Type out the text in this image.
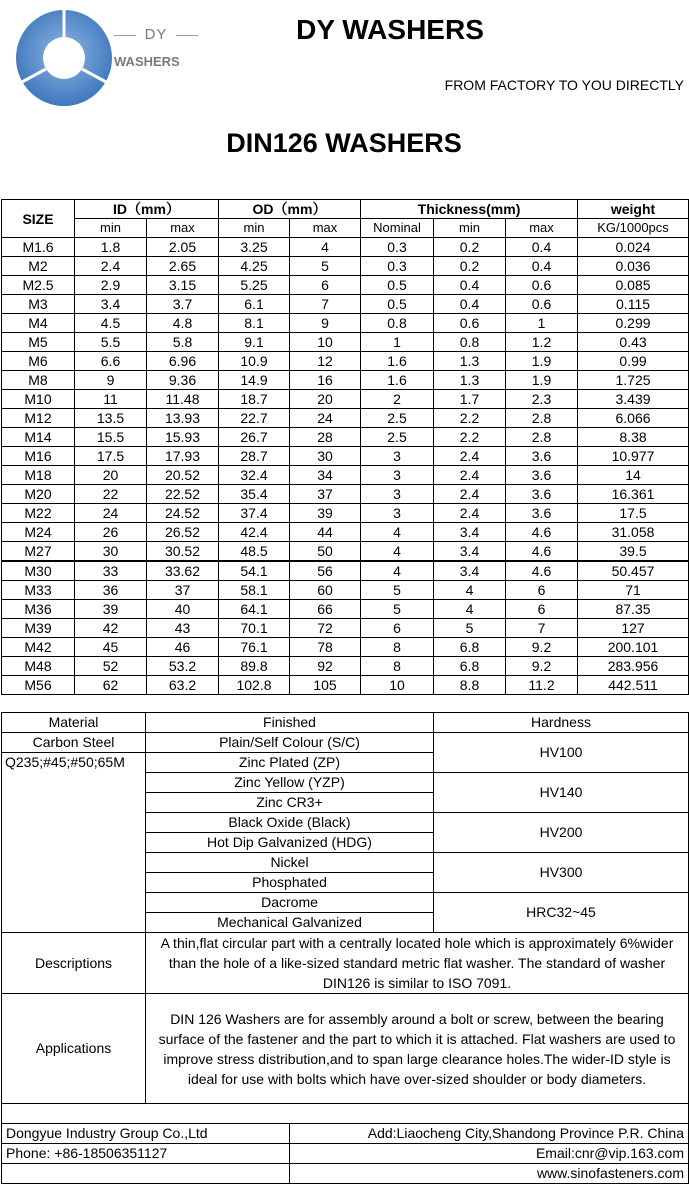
DY
WASHERS
DY WASHERS
FROM FACTORY TO YOU DIRECTLY
DIN126 WASHERS
SIZE	ID（mm）		OD（mm）		Thickness(mm)			weight
	min	max	min	max	Nominal	min	max	KG/1000pcs
M1.6	1.8	2.05	3.25	4	0.3	0.2	0.4	0.024
M2	2.4	2.65	4.25	5	0.3	0.2	0.4	0.036
M2.5	2.9	3.15	5.25	6	0.5	0.4	0.6	0.085
M3	3.4	3.7	6.1	7	0.5	0.4	0.6	0.115
M4	4.5	4.8	8.1	9	0.8	0.6	1	0.299
M5	5.5	5.8	9.1	10	1	0.8	1.2	0.43
M6	6.6	6.96	10.9	12	1.6	1.3	1.9	0.99
M8	9	9.36	14.9	16	1.6	1.3	1.9	1.725
M10	11	11.48	18.7	20	2	1.7	2.3	3.439
M12	13.5	13.93	22.7	24	2.5	2.2	2.8	6.066
M14	15.5	15.93	26.7	28	2.5	2.2	2.8	8.38
M16	17.5	17.93	28.7	30	3	2.4	3.6	10.977
M18	20	20.52	32.4	34	3	2.4	3.6	14
M20	22	22.52	35.4	37	3	2.4	3.6	16.361
M22	24	24.52	37.4	39	3	2.4	3.6	17.5
M24	26	26.52	42.4	44	4	3.4	4.6	31.058
M27	30	30.52	48.5	50	4	3.4	4.6	39.5
M30	33	33.62	54.1	56	4	3.4	4.6	50.457
M33	36	37	58.1	60	5	4	6	71
M36	39	40	64.1	66	5	4	6	87.35
M39	42	43	70.1	72	6	5	7	127
M42	45	46	76.1	78	8	6.8	9.2	200.101
M48	52	53.2	89.8	92	8	6.8	9.2	283.956
M56	62	63.2	102.8	105	10	8.8	11.2	442.511
Material	Finished	Hardness
Carbon Steel	Plain/Self Colour (S/C)	HV100

Q235;#45;#50;65M	Zinc Plated (ZP)	
	Zinc Yellow (YZP)	HV140
	Zinc CR3+	
	Black Oxide (Black)	HV200
	Hot Dip Galvanized (HDG)	
	Nickel	HV300
	Phosphated	
	Dacrome	HRC32~45
	Mechanical Galvanized	
Descriptions	A thin,flat circular part with a centrally located hole which is approximately 6%wider than the hole of a like-sized standard metric flat washer. The standard of washer DIN126 is similar to ISO 7091.	
Applications	DIN 126 Washers are for assembly around a bolt or screw, between the bearing surface of the fastener and the part to which it is attached. Flat washers are used to improve stress distribution,and to span large clearance holes.The wider-ID style is ideal for use with bolts which have over-sized shoulder or body diameters.	

Dongyue Industry Group Co.,Ltd	Add:Liaocheng City,Shandong Province P.R. China
Phone: +86-18506351127	Email:cnr@vip.163.com
	www.sinofasteners.com
